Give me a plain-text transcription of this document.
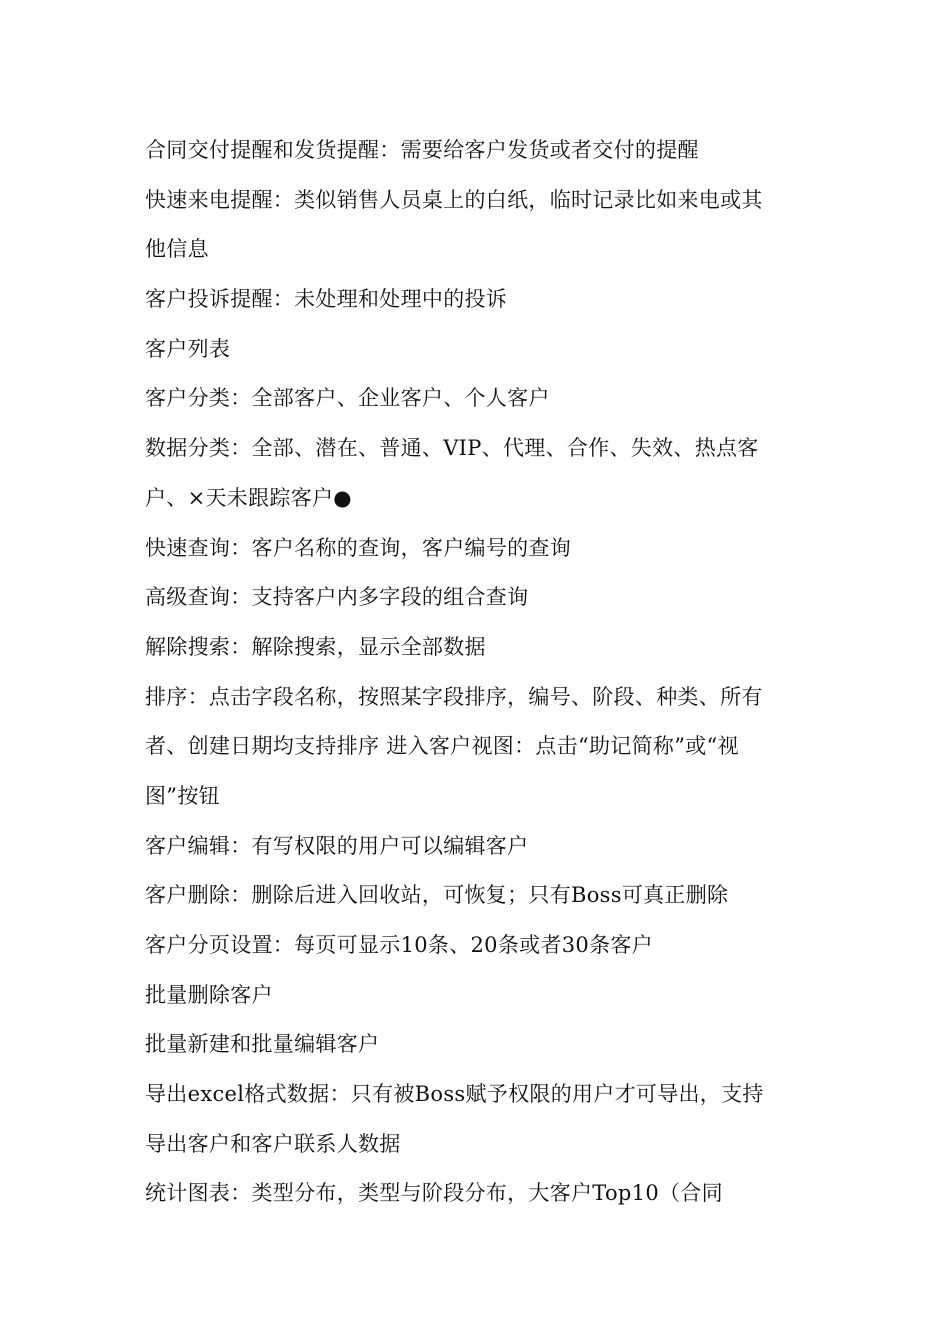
合同交付提醒和发货提醒：需要给客户发货或者交付的提醒
快速来电提醒：类似销售人员桌上的白纸，临时记录比如来电或其
他信息
客户投诉提醒：未处理和处理中的投诉
客户列表
客户分类：全部客户、企业客户、个人客户
数据分类：全部、潜在、普通、VIP、代理、合作、失效、热点客
户、×天未跟踪客户●
快速查询：客户名称的查询，客户编号的查询
高级查询：支持客户内多字段的组合查询
解除搜索：解除搜索，显示全部数据
排序：点击字段名称，按照某字段排序，编号、阶段、种类、所有
者、创建日期均支持排序 进入客户视图：点击“助记简称”或“视
图”按钮
客户编辑：有写权限的用户可以编辑客户
客户删除：删除后进入回收站，可恢复；只有Boss可真正删除
客户分页设置：每页可显示10条、20条或者30条客户
批量删除客户
批量新建和批量编辑客户
导出excel格式数据：只有被Boss赋予权限的用户才可导出，支持
导出客户和客户联系人数据
统计图表：类型分布，类型与阶段分布，大客户Top10（合同
